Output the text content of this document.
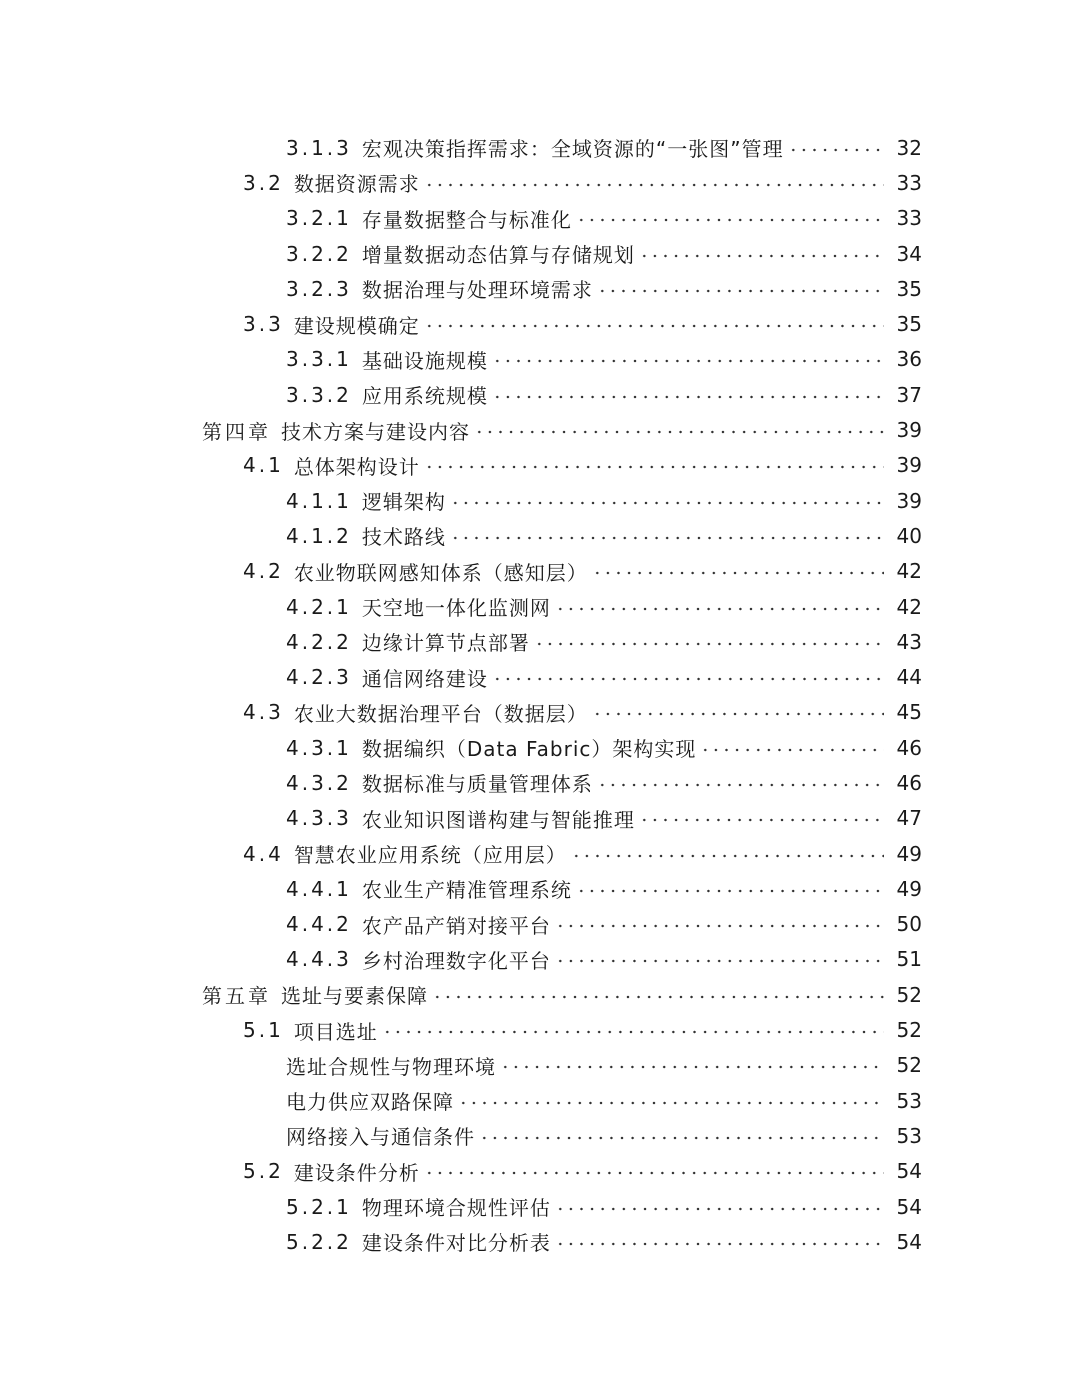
3.1.3 宏观决策指挥需求：全域资源的“一张图”管理	32
3.2 数据资源需求	33
3.2.1 存量数据整合与标准化	33
3.2.2 增量数据动态估算与存储规划	34
3.2.3 数据治理与处理环境需求	35
3.3 建设规模确定	35
3.3.1 基础设施规模	36
3.3.2 应用系统规模	37
第四章 技术方案与建设内容	39
4.1 总体架构设计	39
4.1.1 逻辑架构	39
4.1.2 技术路线	40
4.2 农业物联网感知体系（感知层）	42
4.2.1 天空地一体化监测网	42
4.2.2 边缘计算节点部署	43
4.2.3 通信网络建设	44
4.3 农业大数据治理平台（数据层）	45
4.3.1 数据编织（Data Fabric）架构实现	46
4.3.2 数据标准与质量管理体系	46
4.3.3 农业知识图谱构建与智能推理	47
4.4 智慧农业应用系统（应用层）	49
4.4.1 农业生产精准管理系统	49
4.4.2 农产品产销对接平台	50
4.4.3 乡村治理数字化平台	51
第五章 选址与要素保障	52
5.1 项目选址	52
选址合规性与物理环境	52
电力供应双路保障	53
网络接入与通信条件	53
5.2 建设条件分析	54
5.2.1 物理环境合规性评估	54
5.2.2 建设条件对比分析表	54
